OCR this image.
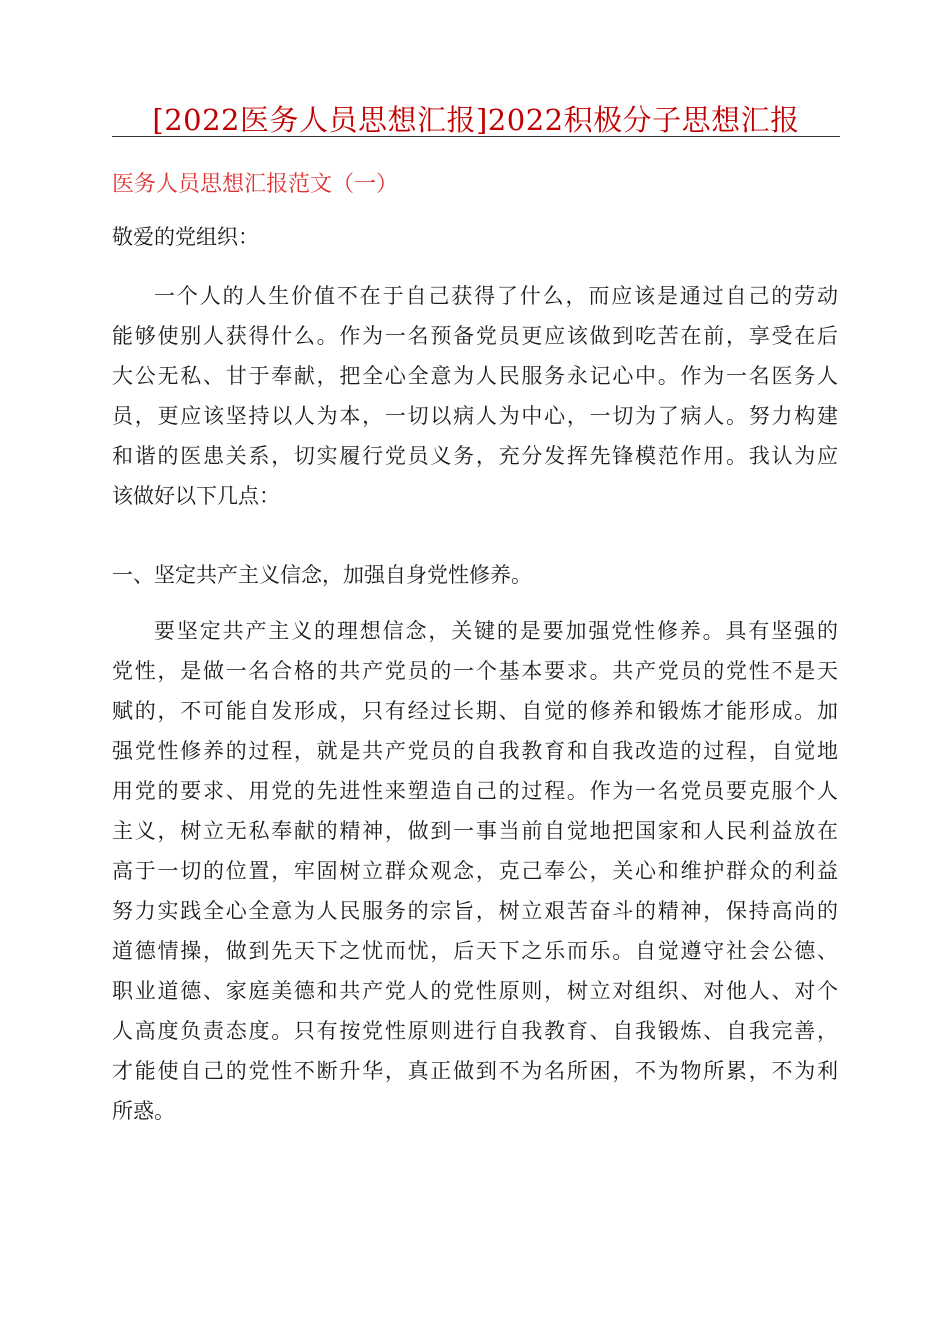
[2022医务人员思想汇报]2022积极分子思想汇报
医务人员思想汇报范文（一）
敬爱的党组织：
一个人的人生价值不在于自己获得了什么，而应该是通过自己的劳动
能够使别人获得什么。作为一名预备党员更应该做到吃苦在前，享受在后
大公无私、甘于奉献，把全心全意为人民服务永记心中。作为一名医务人
员，更应该坚持以人为本，一切以病人为中心，一切为了病人。努力构建
和谐的医患关系，切实履行党员义务，充分发挥先锋模范作用。我认为应
该做好以下几点：
一、坚定共产主义信念，加强自身党性修养。
要坚定共产主义的理想信念，关键的是要加强党性修养。具有坚强的
党性，是做一名合格的共产党员的一个基本要求。共产党员的党性不是天
赋的，不可能自发形成，只有经过长期、自觉的修养和锻炼才能形成。加
强党性修养的过程，就是共产党员的自我教育和自我改造的过程，自觉地
用党的要求、用党的先进性来塑造自己的过程。作为一名党员要克服个人
主义，树立无私奉献的精神，做到一事当前自觉地把国家和人民利益放在
高于一切的位置，牢固树立群众观念，克己奉公，关心和维护群众的利益
努力实践全心全意为人民服务的宗旨，树立艰苦奋斗的精神，保持高尚的
道德情操，做到先天下之忧而忧，后天下之乐而乐。自觉遵守社会公德、
职业道德、家庭美德和共产党人的党性原则，树立对组织、对他人、对个
人高度负责态度。只有按党性原则进行自我教育、自我锻炼、自我完善，
才能使自己的党性不断升华，真正做到不为名所困，不为物所累，不为利
所惑。
